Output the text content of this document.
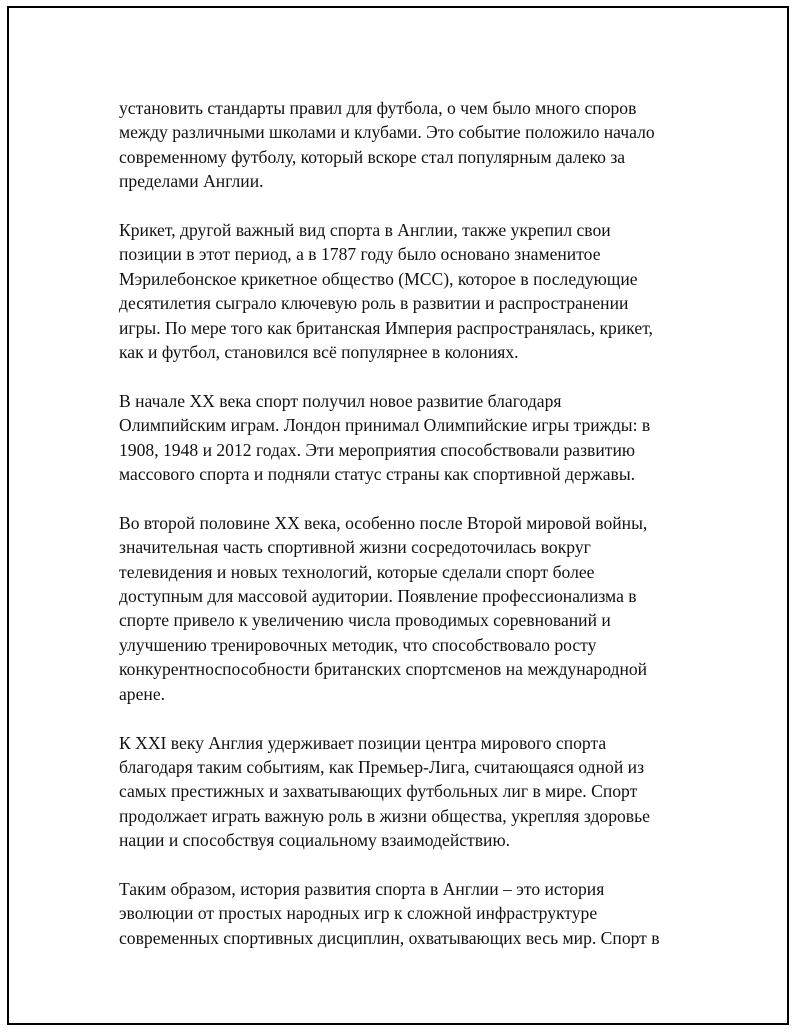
установить стандарты правил для футбола, о чем было много споров
между различными школами и клубами. Это событие положило начало
современному футболу, который вскоре стал популярным далеко за
пределами Англии.

Крикет, другой важный вид спорта в Англии, также укрепил свои
позиции в этот период, а в 1787 году было основано знаменитое
Мэрилебонское крикетное общество (MCC), которое в последующие
десятилетия сыграло ключевую роль в развитии и распространении
игры. По мере того как британская Империя распространялась, крикет,
как и футбол, становился всё популярнее в колониях.

В начале XX века спорт получил новое развитие благодаря
Олимпийским играм. Лондон принимал Олимпийские игры трижды: в
1908, 1948 и 2012 годах. Эти мероприятия способствовали развитию
массового спорта и подняли статус страны как спортивной державы.

Во второй половине XX века, особенно после Второй мировой войны,
значительная часть спортивной жизни сосредоточилась вокруг
телевидения и новых технологий, которые сделали спорт более
доступным для массовой аудитории. Появление профессионализма в
спорте привело к увеличению числа проводимых соревнований и
улучшению тренировочных методик, что способствовало росту
конкурентноспособности британских спортсменов на международной
арене.

К XXI веку Англия удерживает позиции центра мирового спорта
благодаря таким событиям, как Премьер-Лига, считающаяся одной из
самых престижных и захватывающих футбольных лиг в мире. Спорт
продолжает играть важную роль в жизни общества, укрепляя здоровье
нации и способствуя социальному взаимодействию.

Таким образом, история развития спорта в Англии – это история
эволюции от простых народных игр к сложной инфраструктуре
современных спортивных дисциплин, охватывающих весь мир. Спорт в
